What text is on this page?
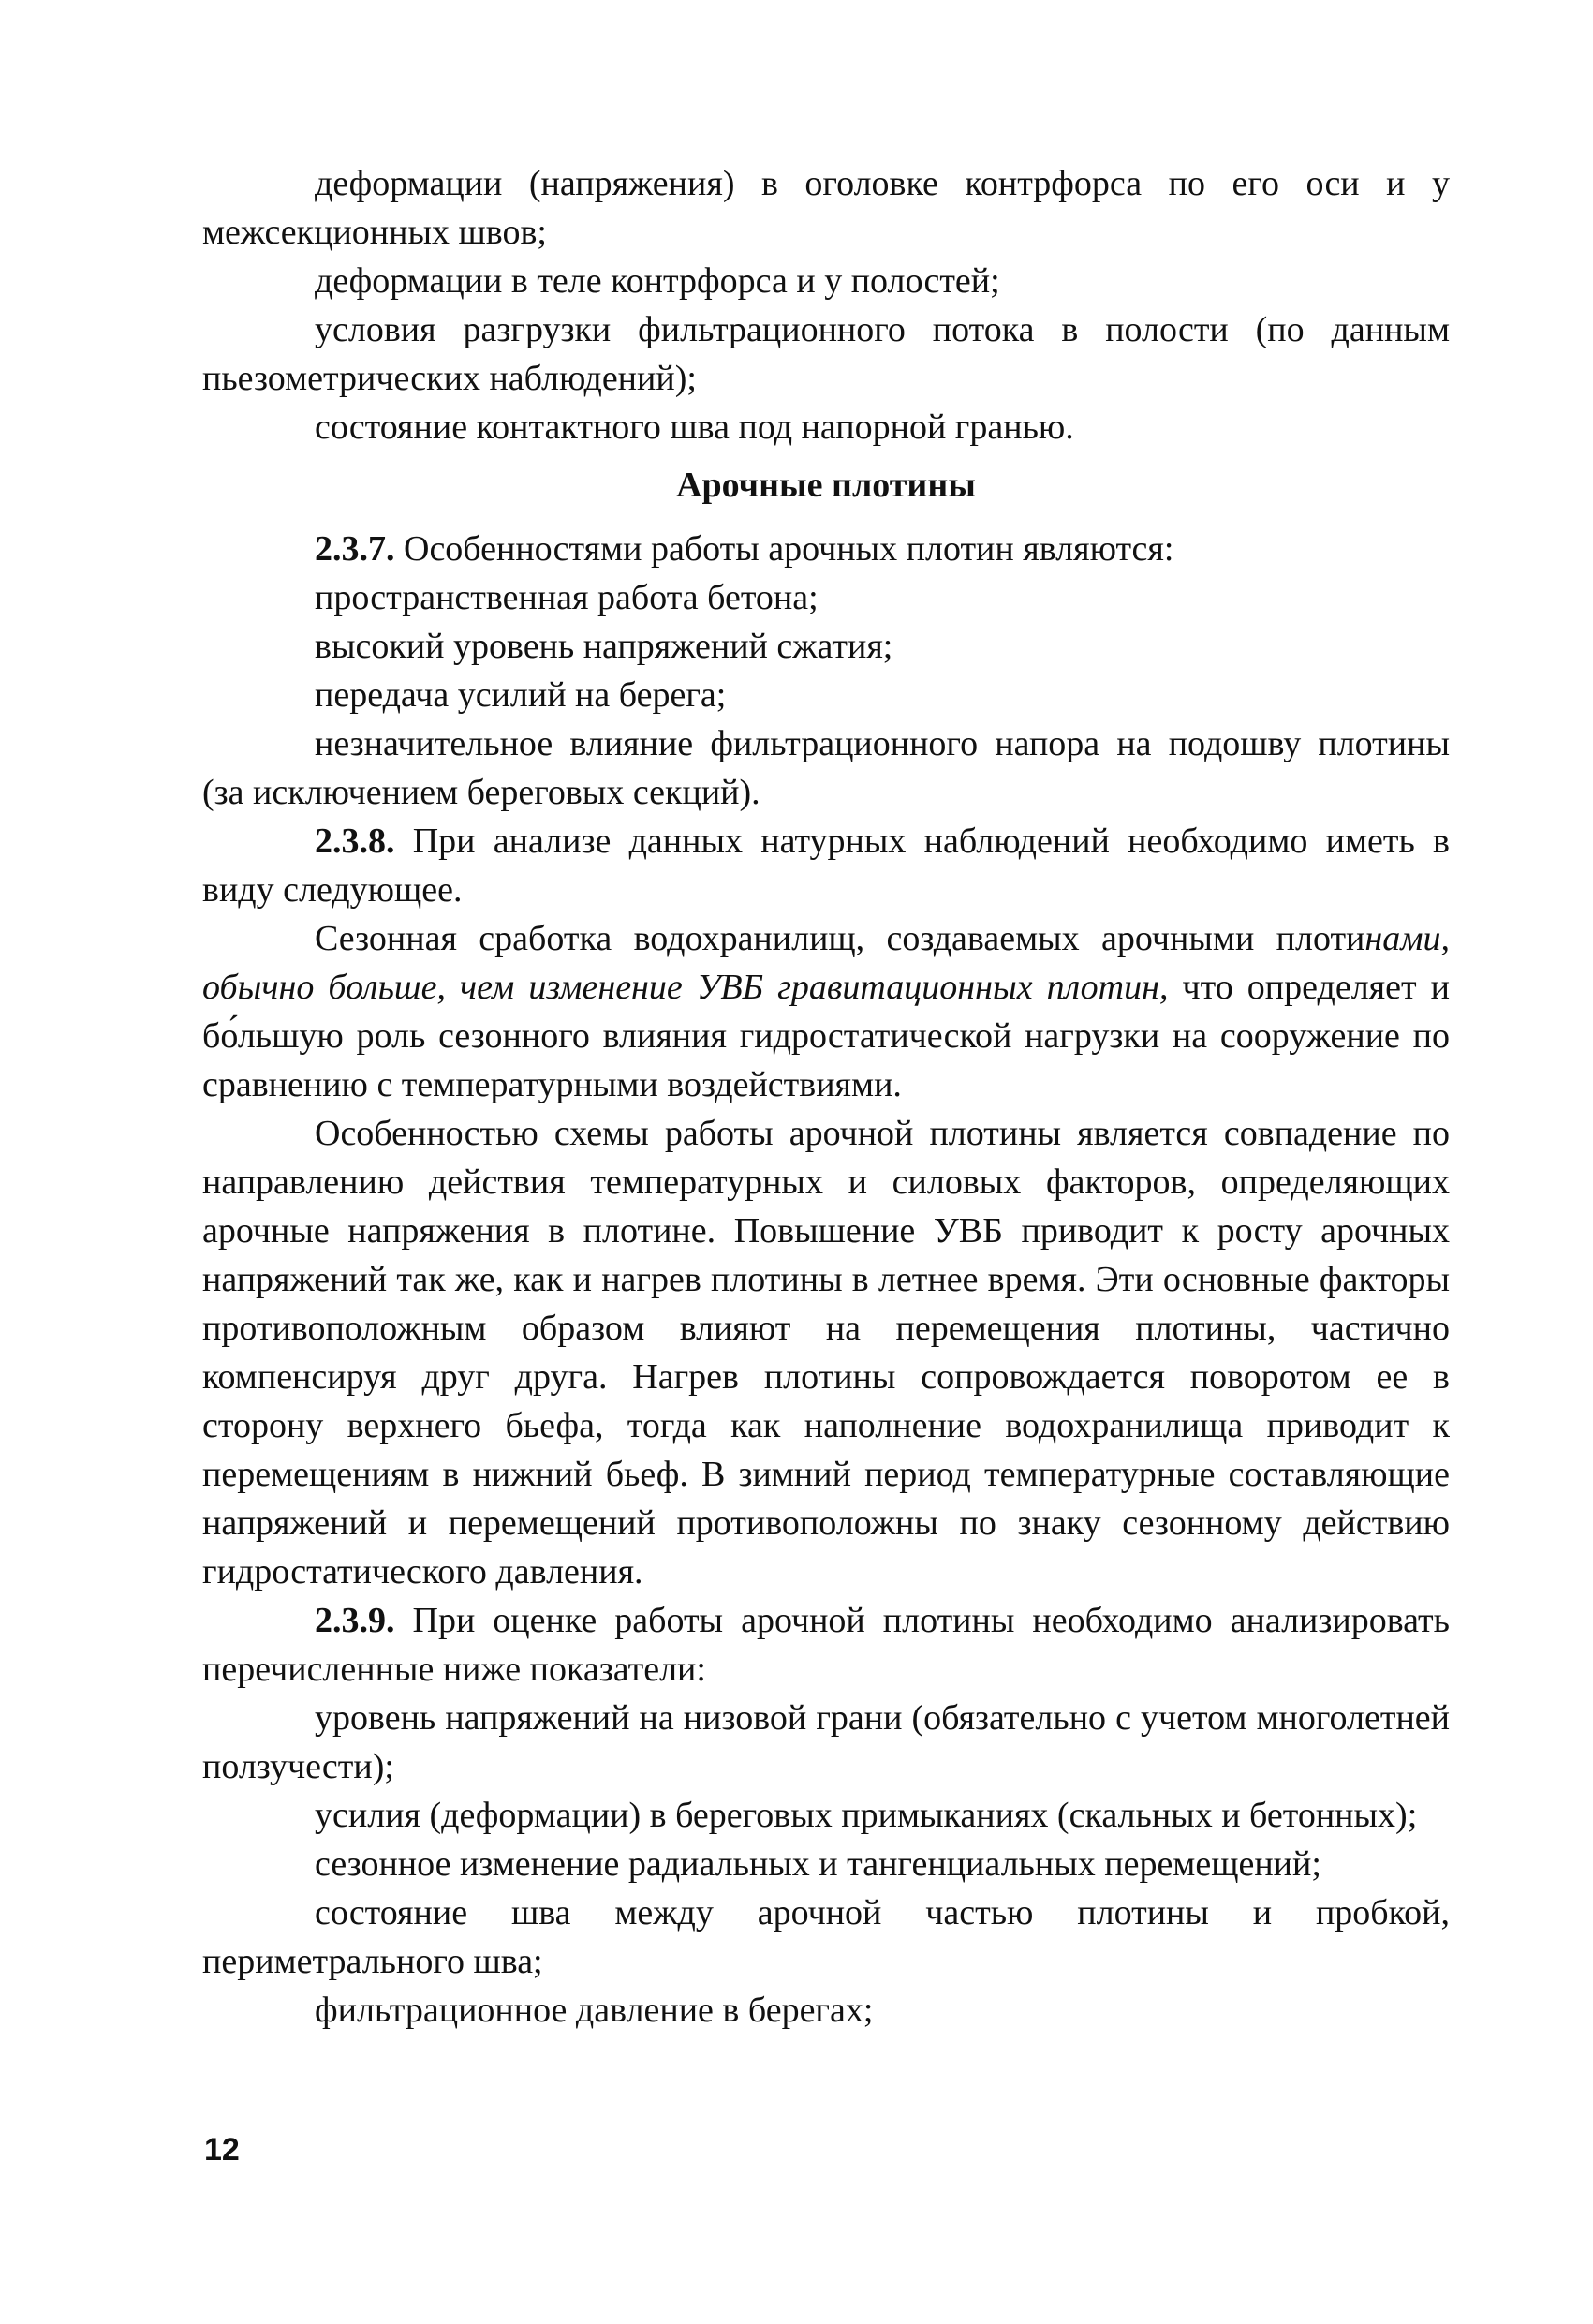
деформации (напряжения) в оголовке контрфорса по его оси и у межсекционных швов;

деформации в теле контрфорса и у полостей;

условия разгрузки фильтрационного потока в полости (по данным пьезометрических наблюдений);

состояние контактного шва под напорной гранью.

Арочные плотины

2.3.7. Особенностями работы арочных плотин являются:

пространственная работа бетона;

высокий уровень напряжений сжатия;

передача усилий на берега;

незначительное влияние фильтрационного напора на подошву плотины (за исключением береговых секций).

2.3.8. При анализе данных натурных наблюдений необходимо иметь в виду следующее.

Сезонная сработка водохранилищ, создаваемых арочными плотинами, обычно больше, чем изменение УВБ гравитационных плотин, что определяет и бо́льшую роль сезонного влияния гидростатической нагрузки на сооружение по сравнению с температурными воздействиями.

Особенностью схемы работы арочной плотины является совпадение по направлению действия температурных и силовых факторов, определяющих арочные напряжения в плотине. Повышение УВБ приводит к росту арочных напряжений так же, как и нагрев плотины в летнее время. Эти основные факторы противоположным образом влияют на перемещения плотины, частично компенсируя друг друга. Нагрев плотины сопровождается поворотом ее в сторону верхнего бьефа, тогда как наполнение водохранилища приводит к перемещениям в нижний бьеф. В зимний период температурные составляющие напряжений и перемещений противоположны по знаку сезонному действию гидростатического давления.

2.3.9. При оценке работы арочной плотины необходимо анализировать перечисленные ниже показатели:

уровень напряжений на низовой грани (обязательно с учетом многолетней ползучести);

усилия (деформации) в береговых примыканиях (скальных и бетонных);

сезонное изменение радиальных и тангенциальных перемещений;

состояние шва между арочной частью плотины и пробкой, периметрального шва;

фильтрационное давление в берегах;

12
